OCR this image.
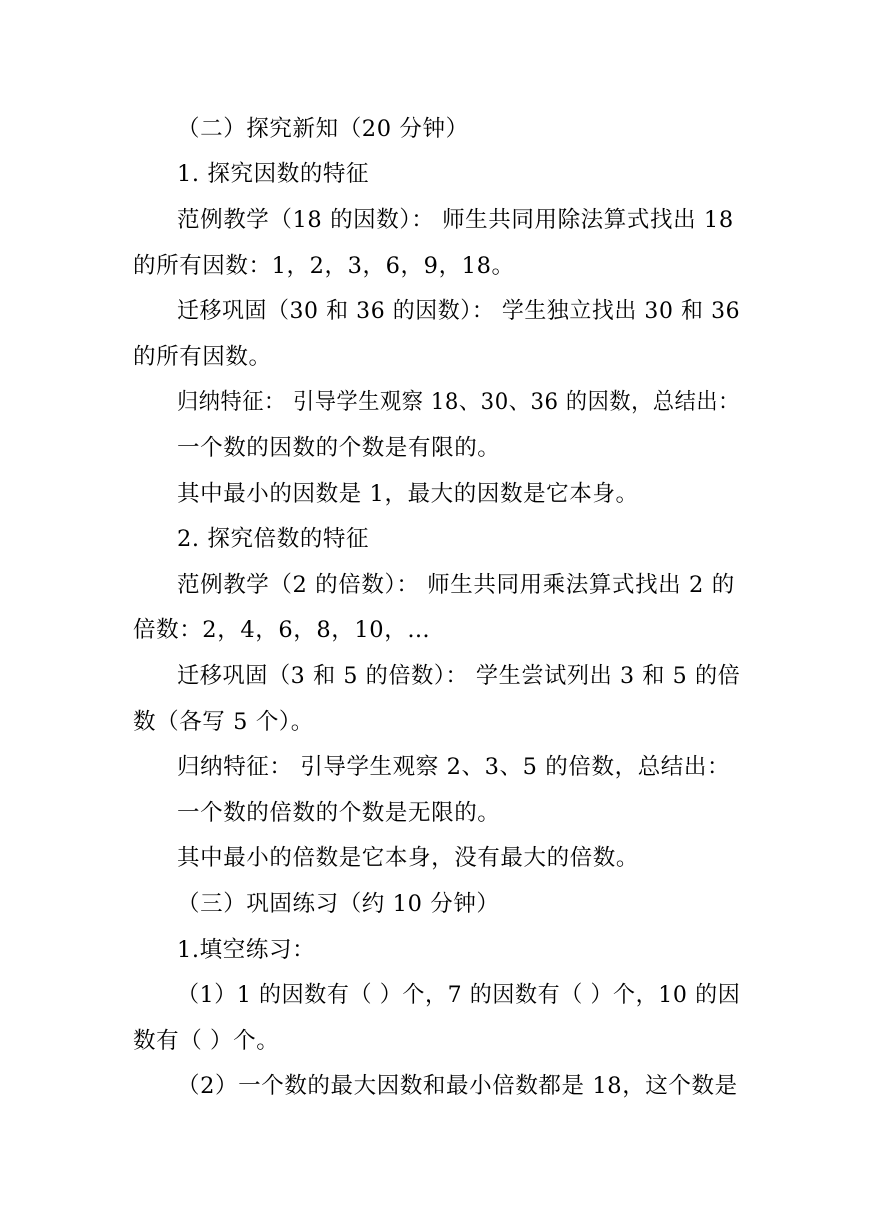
（二）探究新知（20 分钟）
1. 探究因数的特征
范例教学（18 的因数）： 师生共同用除法算式找出 18
的所有因数：1，2，3，6，9，18。
迁移巩固（30 和 36 的因数）： 学生独立找出 30 和 36
的所有因数。
归纳特征： 引导学生观察 18、30、36 的因数，总结出：
一个数的因数的个数是有限的。
其中最小的因数是 1，最大的因数是它本身。
2. 探究倍数的特征
范例教学（2 的倍数）： 师生共同用乘法算式找出 2 的
倍数：2，4，6，8，10，…
迁移巩固（3 和 5 的倍数）： 学生尝试列出 3 和 5 的倍
数（各写 5 个）。
归纳特征： 引导学生观察 2、3、5 的倍数，总结出：
一个数的倍数的个数是无限的。
其中最小的倍数是它本身，没有最大的倍数。
（三）巩固练习（约 10 分钟）
1.填空练习：
（1）1 的因数有（ ）个，7 的因数有（ ）个，10 的因
数有（ ）个。
（2）一个数的最大因数和最小倍数都是 18，这个数是
